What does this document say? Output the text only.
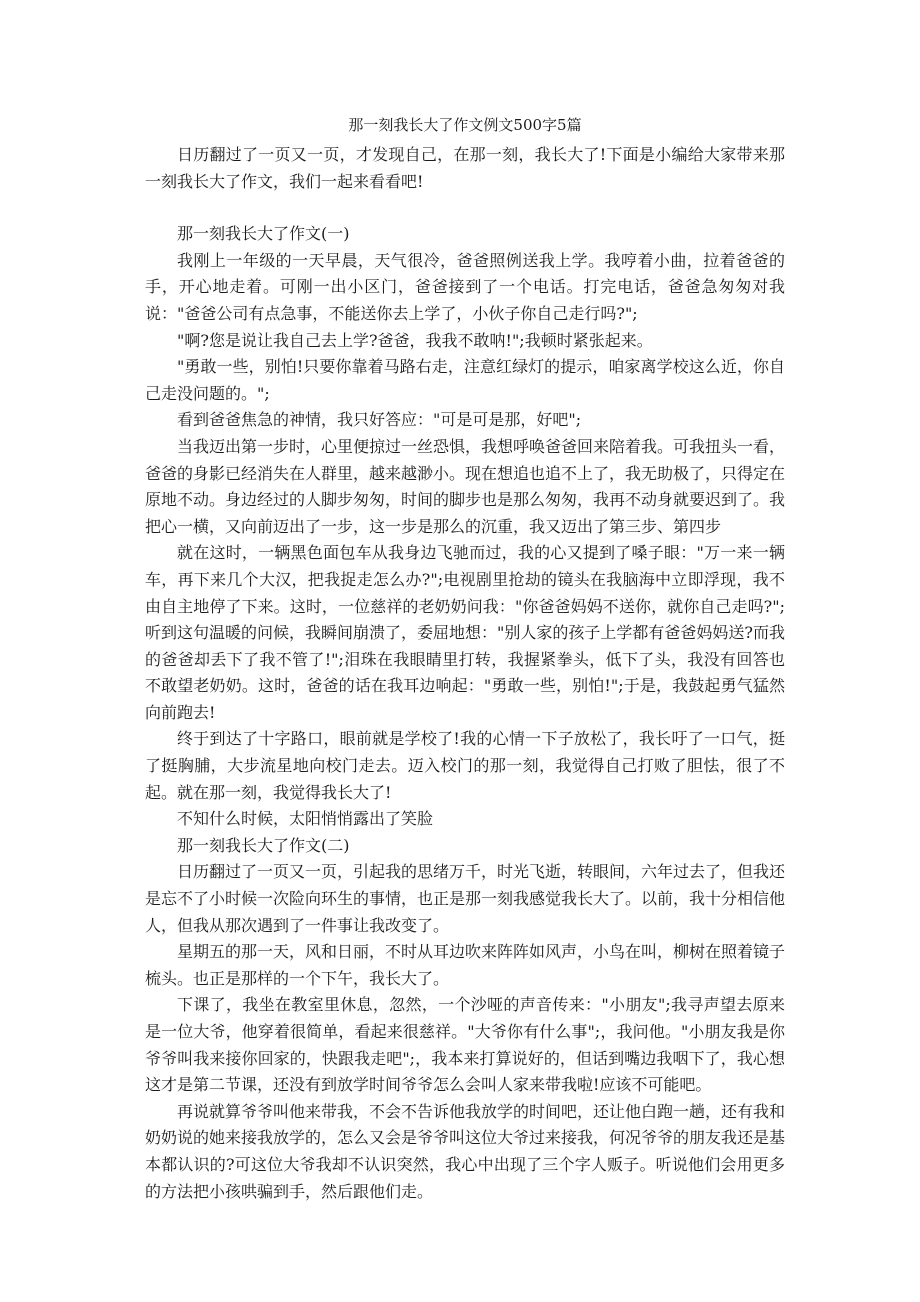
那一刻我长大了作文例文500字5篇

日历翻过了一页又一页，才发现自己，在那一刻，我长大了!下面是小编给大家带来那一刻我长大了作文，我们一起来看看吧!

那一刻我长大了作文(一)

我刚上一年级的一天早晨，天气很冷，爸爸照例送我上学。我哼着小曲，拉着爸爸的手，开心地走着。可刚一出小区门，爸爸接到了一个电话。打完电话，爸爸急匆匆对我说："爸爸公司有点急事，不能送你去上学了，小伙子你自己走行吗?";

"啊?您是说让我自己去上学?爸爸，我我不敢呐!";我顿时紧张起来。

"勇敢一些，别怕!只要你靠着马路右走，注意红绿灯的提示，咱家离学校这么近，你自己走没问题的。";

看到爸爸焦急的神情，我只好答应："可是可是那，好吧";

当我迈出第一步时，心里便掠过一丝恐惧，我想呼唤爸爸回来陪着我。可我扭头一看，爸爸的身影已经消失在人群里，越来越渺小。现在想追也追不上了，我无助极了，只得定在原地不动。身边经过的人脚步匆匆，时间的脚步也是那么匆匆，我再不动身就要迟到了。我把心一横，又向前迈出了一步，这一步是那么的沉重，我又迈出了第三步、第四步

就在这时，一辆黑色面包车从我身边飞驰而过，我的心又提到了嗓子眼："万一来一辆车，再下来几个大汉，把我捉走怎么办?";电视剧里抢劫的镜头在我脑海中立即浮现，我不由自主地停了下来。这时，一位慈祥的老奶奶问我："你爸爸妈妈不送你，就你自己走吗?";听到这句温暖的问候，我瞬间崩溃了，委屈地想："别人家的孩子上学都有爸爸妈妈送?而我的爸爸却丢下了我不管了!";泪珠在我眼睛里打转，我握紧拳头，低下了头，我没有回答也不敢望老奶奶。这时，爸爸的话在我耳边响起："勇敢一些，别怕!";于是，我鼓起勇气猛然向前跑去!

终于到达了十字路口，眼前就是学校了!我的心情一下子放松了，我长吁了一口气，挺了挺胸脯，大步流星地向校门走去。迈入校门的那一刻，我觉得自己打败了胆怯，很了不起。就在那一刻，我觉得我长大了!

不知什么时候，太阳悄悄露出了笑脸

那一刻我长大了作文(二)

日历翻过了一页又一页，引起我的思绪万千，时光飞逝，转眼间，六年过去了，但我还是忘不了小时候一次险向环生的事情，也正是那一刻我感觉我长大了。以前，我十分相信他人，但我从那次遇到了一件事让我改变了。

星期五的那一天，风和日丽，不时从耳边吹来阵阵如风声，小鸟在叫，柳树在照着镜子梳头。也正是那样的一个下午，我长大了。

下课了，我坐在教室里休息，忽然，一个沙哑的声音传来："小朋友";我寻声望去原来是一位大爷，他穿着很简单，看起来很慈祥。"大爷你有什么事";，我问他。"小朋友我是你爷爷叫我来接你回家的，快跟我走吧";，我本来打算说好的，但话到嘴边我咽下了，我心想这才是第二节课，还没有到放学时间爷爷怎么会叫人家来带我啦!应该不可能吧。

再说就算爷爷叫他来带我，不会不告诉他我放学的时间吧，还让他白跑一趟，还有我和奶奶说的她来接我放学的，怎么又会是爷爷叫这位大爷过来接我，何况爷爷的朋友我还是基本都认识的?可这位大爷我却不认识突然，我心中出现了三个字人贩子。听说他们会用更多的方法把小孩哄骗到手，然后跟他们走。
